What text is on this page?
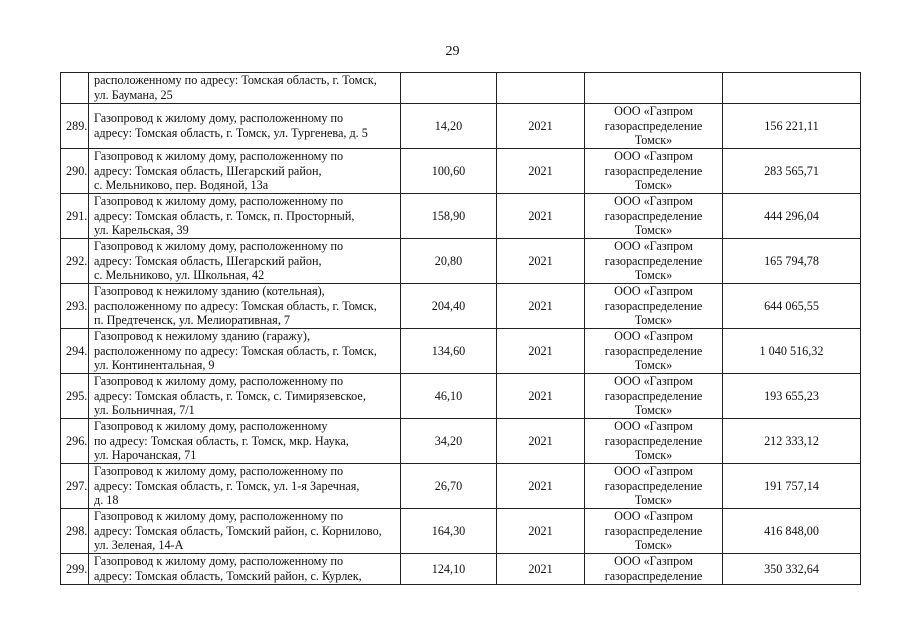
29

	расположенному по адресу: Томская область, г. Томск,
ул. Баумана, 25				

289.	Газопровод к жилому дому, расположенному по
адресу: Томская область, г. Томск, ул. Тургенева, д. 5	14,20	2021	ООО «Газпром
газораспределение
Томск»	156 221,11
290.	Газопровод к жилому дому, расположенному по
адресу: Томская область, Шегарский район,
с. Мельниково, пер. Водяной, 13а	100,60	2021	ООО «Газпром
газораспределение
Томск»	283 565,71
291.	Газопровод к жилому дому, расположенному по
адресу: Томская область, г. Томск, п. Просторный,
ул. Карельская, 39	158,90	2021	ООО «Газпром
газораспределение
Томск»	444 296,04
292.	Газопровод к жилому дому, расположенному по
адресу: Томская область, Шегарский район,
с. Мельниково, ул. Школьная, 42	20,80	2021	ООО «Газпром
газораспределение
Томск»	165 794,78
293.	Газопровод к нежилому зданию (котельная),
расположенному по адресу: Томская область, г. Томск,
п. Предтеченск, ул. Мелиоративная, 7	204,40	2021	ООО «Газпром
газораспределение
Томск»	644 065,55
294.	Газопровод к нежилому зданию (гаражу),
расположенному по адресу: Томская область, г. Томск,
ул. Континентальная, 9	134,60	2021	ООО «Газпром
газораспределение
Томск»	1 040 516,32
295.	Газопровод к жилому дому, расположенному по
адресу: Томская область, г. Томск, с. Тимирязевское,
ул. Больничная, 7/1	46,10	2021	ООО «Газпром
газораспределение
Томск»	193 655,23
296.	Газопровод к жилому дому, расположенному
по адресу: Томская область, г. Томск, мкр. Наука,
ул. Нарочанская, 71	34,20	2021	ООО «Газпром
газораспределение
Томск»	212 333,12
297.	Газопровод к жилому дому, расположенному по
адресу: Томская область, г. Томск, ул. 1-я Заречная,
д. 18	26,70	2021	ООО «Газпром
газораспределение
Томск»	191 757,14
298.	Газопровод к жилому дому, расположенному по
адресу: Томская область, Томский район, с. Корнилово,
ул. Зеленая, 14-А	164,30	2021	ООО «Газпром
газораспределение
Томск»	416 848,00
299.	Газопровод к жилому дому, расположенному по
адресу: Томская область, Томский район, с. Курлек,	124,10	2021	ООО «Газпром
газораспределение	350 332,64
